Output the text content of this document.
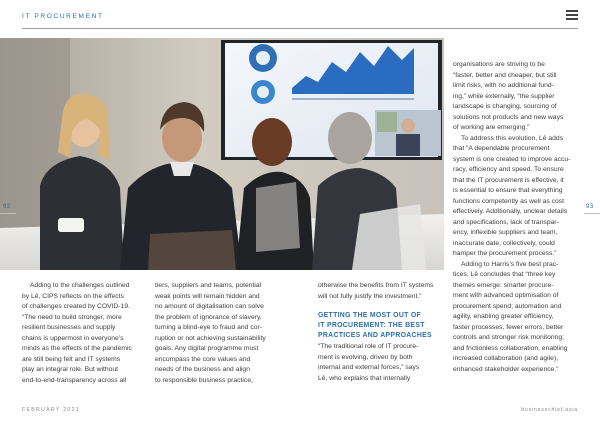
IT PROCUREMENT
92	93

organisations are striving to be

“faster, better and cheaper, but still

limit risks, with no additional fund-

ing,” while externally, “the supplier

landscape is changing, sourcing of

solutions not products and new ways

of working are emerging.”

To address this evolution, Lê adds

that “A dependable procurement

system is one created to improve accu-

racy, efficiency and speed. To ensure

that the IT procurement is effective, it

is essential to ensure that everything

functions competently as well as cost

effectively. Additionally, unclear details

and specifications, lack of transpar-

ency, inflexible suppliers and team,

inaccurate date, collectively, could

hamper the procurement process.”

Adding to Harris’s five best prac-

tices, Lê concludes that “three key

themes emerge: smarter procure-

ment with advanced optimisation of

procurement spend; automation and

agility, enabling greater efficiency,

faster processes, fewer errors, better

controls and stronger risk monitoring;

and frictionless collaboration, enabling

increased collaboration (and agile),

enhanced stakeholder experience.”

Adding to the challenges outlined

by Lê, CIPS reflects on the effects

of challenges created by COVID-19.

“The need to build stronger, more

resilient businesses and supply

chains is uppermost in everyone’s

minds as the effects of the pandemic

are still being felt and IT systems

play an integral role. But without

end-to-end-transparency across all

tiers, suppliers and teams, potential

weak points will remain hidden and

no amount of digitalisation can solve

the problem of ignorance of slavery,

turning a blind-eye to fraud and cor-

ruption or not achieving sustainability

goals. Any digital programme must

encompass the core values and

needs of the business and align

to responsible business practice,

otherwise the benefits from IT systems

will not fully justify the investment.”

GETTING THE MOST OUT OF
IT PROCUREMENT: THE BEST
PRACTICES AND APPROACHES

“The traditional role of IT procure-

ment is evolving, driven by both

internal and external forces,” says

Lê, who explains that internally

FEBRUARY 2021	businesschief.asia
